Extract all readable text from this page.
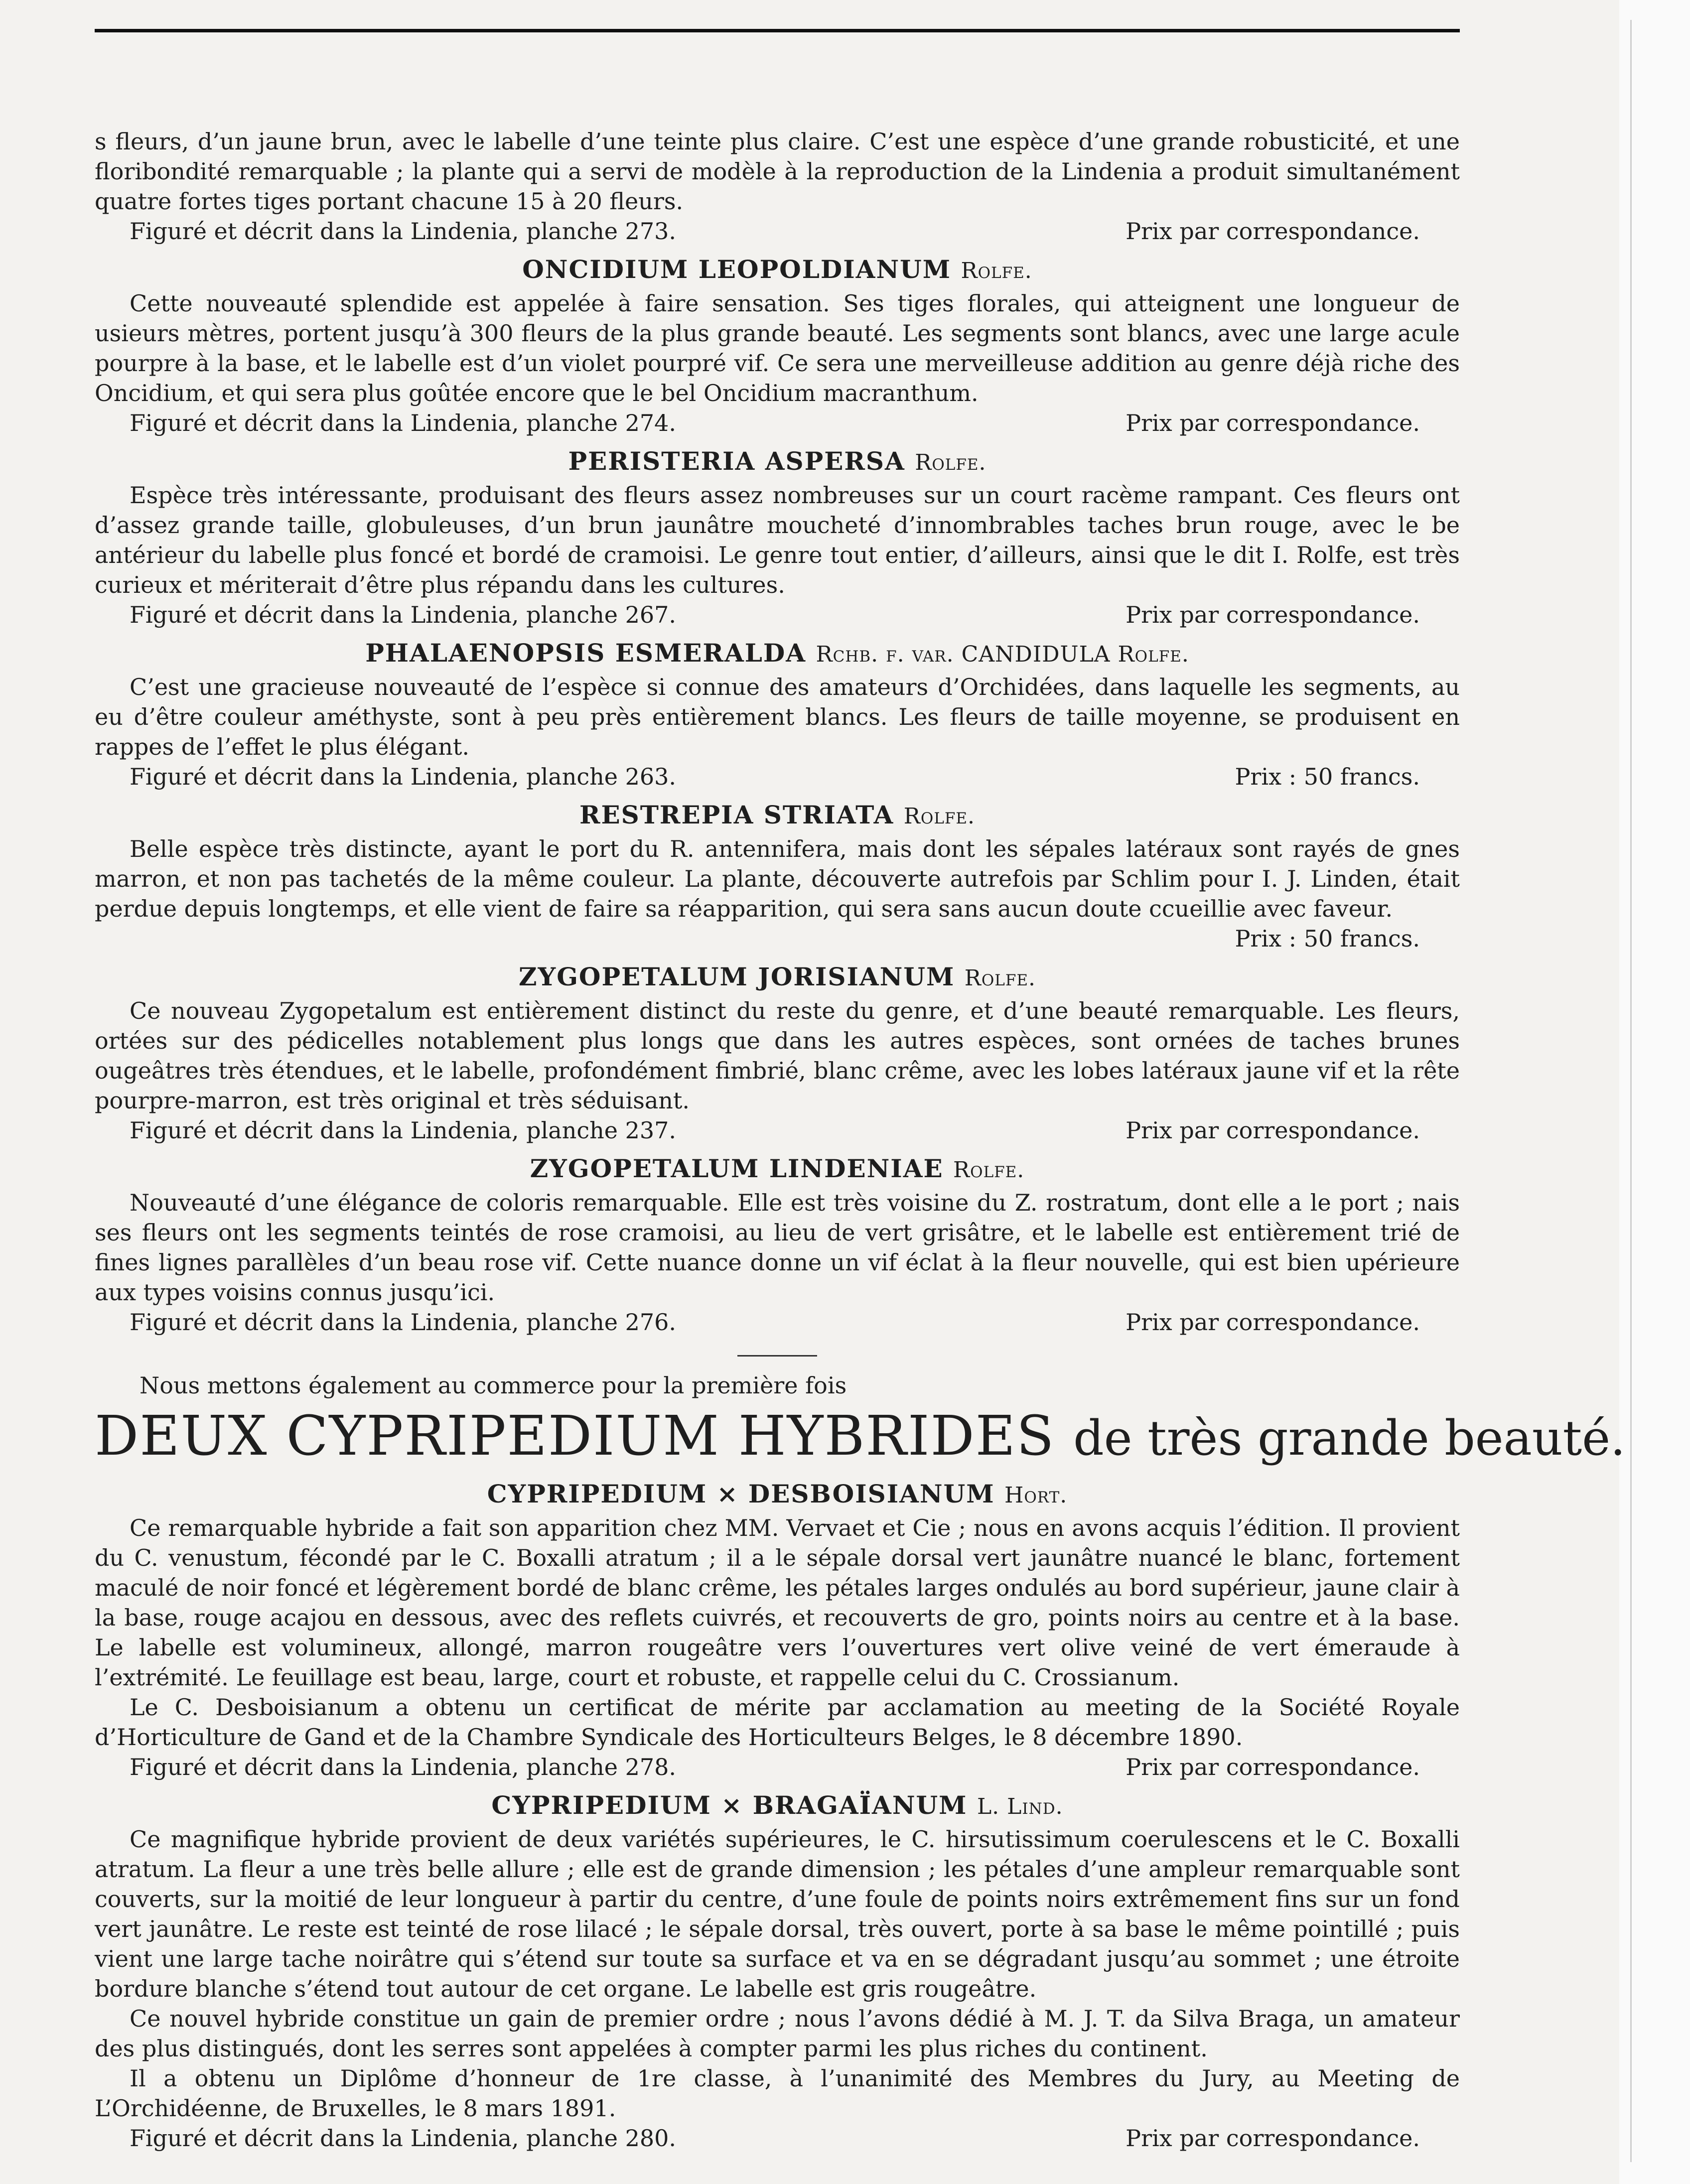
s fleurs, d’un jaune brun, avec le labelle d’une teinte plus claire. C’est une espèce d’une grande robusticité, et une floribondité remarquable ; la plante qui a servi de modèle à la reproduction de la Lindenia a produit simultanément quatre fortes tiges portant chacune 15 à 20 fleurs.

Figuré et décrit dans la Lindenia, planche 273.	Prix par correspondance.
ONCIDIUM LEOPOLDIANUM Rolfe.

Cette nouveauté splendide est appelée à faire sensation. Ses tiges florales, qui atteignent une longueur de usieurs mètres, portent jusqu’à 300 fleurs de la plus grande beauté. Les segments sont blancs, avec une large acule pourpre à la base, et le labelle est d’un violet pourpré vif. Ce sera une merveilleuse addition au genre déjà riche des Oncidium, et qui sera plus goûtée encore que le bel Oncidium macranthum.

Figuré et décrit dans la Lindenia, planche 274.	Prix par correspondance.
PERISTERIA ASPERSA Rolfe.

Espèce très intéressante, produisant des fleurs assez nombreuses sur un court racème rampant. Ces fleurs ont d’assez grande taille, globuleuses, d’un brun jaunâtre moucheté d’innombrables taches brun rouge, avec le be antérieur du labelle plus foncé et bordé de cramoisi. Le genre tout entier, d’ailleurs, ainsi que le dit I. Rolfe, est très curieux et mériterait d’être plus répandu dans les cultures.

Figuré et décrit dans la Lindenia, planche 267.	Prix par correspondance.
PHALAENOPSIS ESMERALDA Rchb. f. var. CANDIDULA Rolfe.

C’est une gracieuse nouveauté de l’espèce si connue des amateurs d’Orchidées, dans laquelle les segments, au eu d’être couleur améthyste, sont à peu près entièrement blancs. Les fleurs de taille moyenne, se produisent en rappes de l’effet le plus élégant.

Figuré et décrit dans la Lindenia, planche 263.	Prix : 50 francs.
RESTREPIA STRIATA Rolfe.

Belle espèce très distincte, ayant le port du R. antennifera, mais dont les sépales latéraux sont rayés de gnes marron, et non pas tachetés de la même couleur. La plante, découverte autrefois par Schlim pour I. J. Linden, était perdue depuis longtemps, et elle vient de faire sa réapparition, qui sera sans aucun doute ccueillie avec faveur.

Prix : 50 francs.
ZYGOPETALUM JORISIANUM Rolfe.

Ce nouveau Zygopetalum est entièrement distinct du reste du genre, et d’une beauté remarquable. Les fleurs, ortées sur des pédicelles notablement plus longs que dans les autres espèces, sont ornées de taches brunes ougeâtres très étendues, et le labelle, profondément fimbrié, blanc crême, avec les lobes latéraux jaune vif et la rête pourpre-marron, est très original et très séduisant.

Figuré et décrit dans la Lindenia, planche 237.	Prix par correspondance.
ZYGOPETALUM LINDENIAE Rolfe.

Nouveauté d’une élégance de coloris remarquable. Elle est très voisine du Z. rostratum, dont elle a le port ; nais ses fleurs ont les segments teintés de rose cramoisi, au lieu de vert grisâtre, et le labelle est entièrement trié de fines lignes parallèles d’un beau rose vif. Cette nuance donne un vif éclat à la fleur nouvelle, qui est bien upérieure aux types voisins connus jusqu’ici.

Figuré et décrit dans la Lindenia, planche 276.	Prix par correspondance.

Nous mettons également au commerce pour la première fois

DEUX CYPRIPEDIUM HYBRIDES de très grande beauté.
CYPRIPEDIUM × DESBOISIANUM Hort.

Ce remarquable hybride a fait son apparition chez MM. Vervaet et Cie ; nous en avons acquis l’édition. Il provient du C. venustum, fécondé par le C. Boxalli atratum ; il a le sépale dorsal vert jaunâtre nuancé le blanc, fortement maculé de noir foncé et légèrement bordé de blanc crême, les pétales larges ondulés au bord supérieur, jaune clair à la base, rouge acajou en dessous, avec des reflets cuivrés, et recouverts de gro, points noirs au centre et à la base. Le labelle est volumineux, allongé, marron rougeâtre vers l’ouvertures vert olive veiné de vert émeraude à l’extrémité. Le feuillage est beau, large, court et robuste, et rappelle celui du C. Crossianum.

Le C. Desboisianum a obtenu un certificat de mérite par acclamation au meeting de la Société Royale d’Horticulture de Gand et de la Chambre Syndicale des Horticulteurs Belges, le 8 décembre 1890.

Figuré et décrit dans la Lindenia, planche 278.	Prix par correspondance.
CYPRIPEDIUM × BRAGAÏANUM L. Lind.

Ce magnifique hybride provient de deux variétés supérieures, le C. hirsutissimum coerulescens et le C. Boxalli atratum. La fleur a une très belle allure ; elle est de grande dimension ; les pétales d’une ampleur remarquable sont couverts, sur la moitié de leur longueur à partir du centre, d’une foule de points noirs extrêmement fins sur un fond vert jaunâtre. Le reste est teinté de rose lilacé ; le sépale dorsal, très ouvert, porte à sa base le même pointillé ; puis vient une large tache noirâtre qui s’étend sur toute sa surface et va en se dégradant jusqu’au sommet ; une étroite bordure blanche s’étend tout autour de cet organe. Le labelle est gris rougeâtre.

Ce nouvel hybride constitue un gain de premier ordre ; nous l’avons dédié à M. J. T. da Silva Braga, un amateur des plus distingués, dont les serres sont appelées à compter parmi les plus riches du continent.

Il a obtenu un Diplôme d’honneur de 1re classe, à l’unanimité des Membres du Jury, au Meeting de L’Orchidéenne, de Bruxelles, le 8 mars 1891.

Figuré et décrit dans la Lindenia, planche 280.	Prix par correspondance.
